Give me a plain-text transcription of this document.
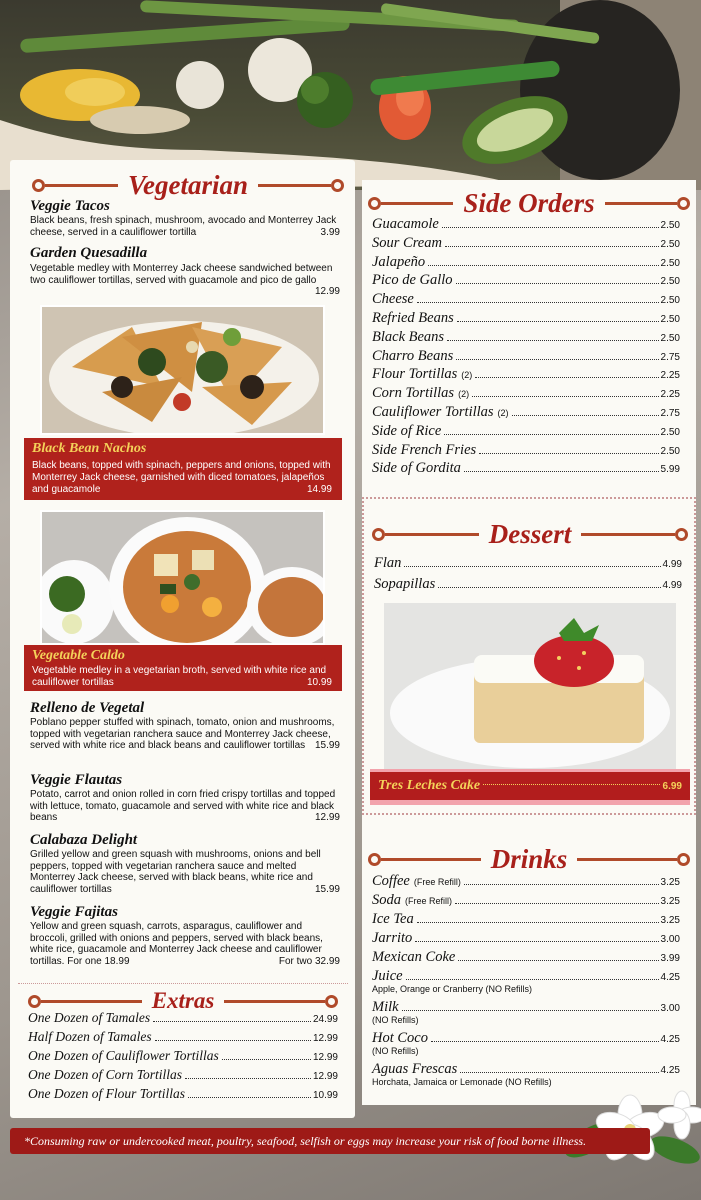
Vegetarian
Veggie Tacos
Black beans, fresh spinach, mushroom, avocado and Monterrey Jack cheese, served in a cauliflower tortilla	3.99
Garden Quesadilla
Vegetable medley with Monterrey Jack cheese sandwiched between two cauliflower tortillas, served with guacamole and pico de gallo
12.99
Black Bean Nachos
Black beans, topped with spinach, peppers and onions, topped with Monterrey Jack cheese, garnished with diced tomatoes, jalapeños and guacamole	14.99
Vegetable Caldo
Vegetable medley in a vegetarian broth, served with white rice and cauliflower tortillas	10.99
Relleno de Vegetal
Poblano pepper stuffed with spinach, tomato, onion and mushrooms, topped with vegetarian ranchera sauce and Monterrey Jack cheese, served with white rice and black beans and cauliflower tortillas 15.99
Veggie Flautas
Potato, carrot and onion rolled in corn fried crispy tortillas and topped with lettuce, tomato, guacamole and served with white rice and black beans	12.99
Calabaza Delight
Grilled yellow and green squash with mushrooms, onions and bell peppers, topped with vegetarian ranchera sauce and melted Monterrey Jack cheese, served with black beans, white rice and cauliflower tortillas	15.99
Veggie Fajitas
Yellow and green squash, carrots, asparagus, cauliflower and broccoli, grilled with onions and peppers, served with black beans, white rice, guacamole and Monterrey Jack cheese and cauliflower tortillas. For one 18.99	For two 32.99
Extras
One Dozen of Tamales	24.99
Half Dozen of Tamales	12.99
One Dozen of Cauliflower Tortillas	12.99
One Dozen of Corn Tortillas	12.99
One Dozen of Flour Tortillas	10.99
Side Orders
Guacamole	2.50
Sour Cream	2.50
Jalapeño	2.50
Pico de Gallo	2.50
Cheese	2.50
Refried Beans	2.50
Black Beans	2.50
Charro Beans	2.75
Flour Tortillas (2)	2.25
Corn Tortillas (2)	2.25
Cauliflower Tortillas (2)	2.75
Side of Rice	2.50
Side French Fries	2.50
Side of Gordita	5.99
Dessert
Flan	4.99
Sopapillas	4.99
Tres Leches Cake	6.99
Drinks
Coffee (Free Refill)	3.25
Soda (Free Refill)	3.25
Ice Tea	3.25
Jarrito	3.00
Mexican Coke	3.99
Juice	4.25
Apple, Orange or Cranberry (NO Refills)
Milk	3.00
(NO Refills)
Hot Coco	4.25
(NO Refills)
Aguas Frescas	4.25
Horchata, Jamaica or Lemonade (NO Refills)
*Consuming raw or undercooked meat, poultry, seafood, selfish or eggs may increase your risk of food borne illness.
